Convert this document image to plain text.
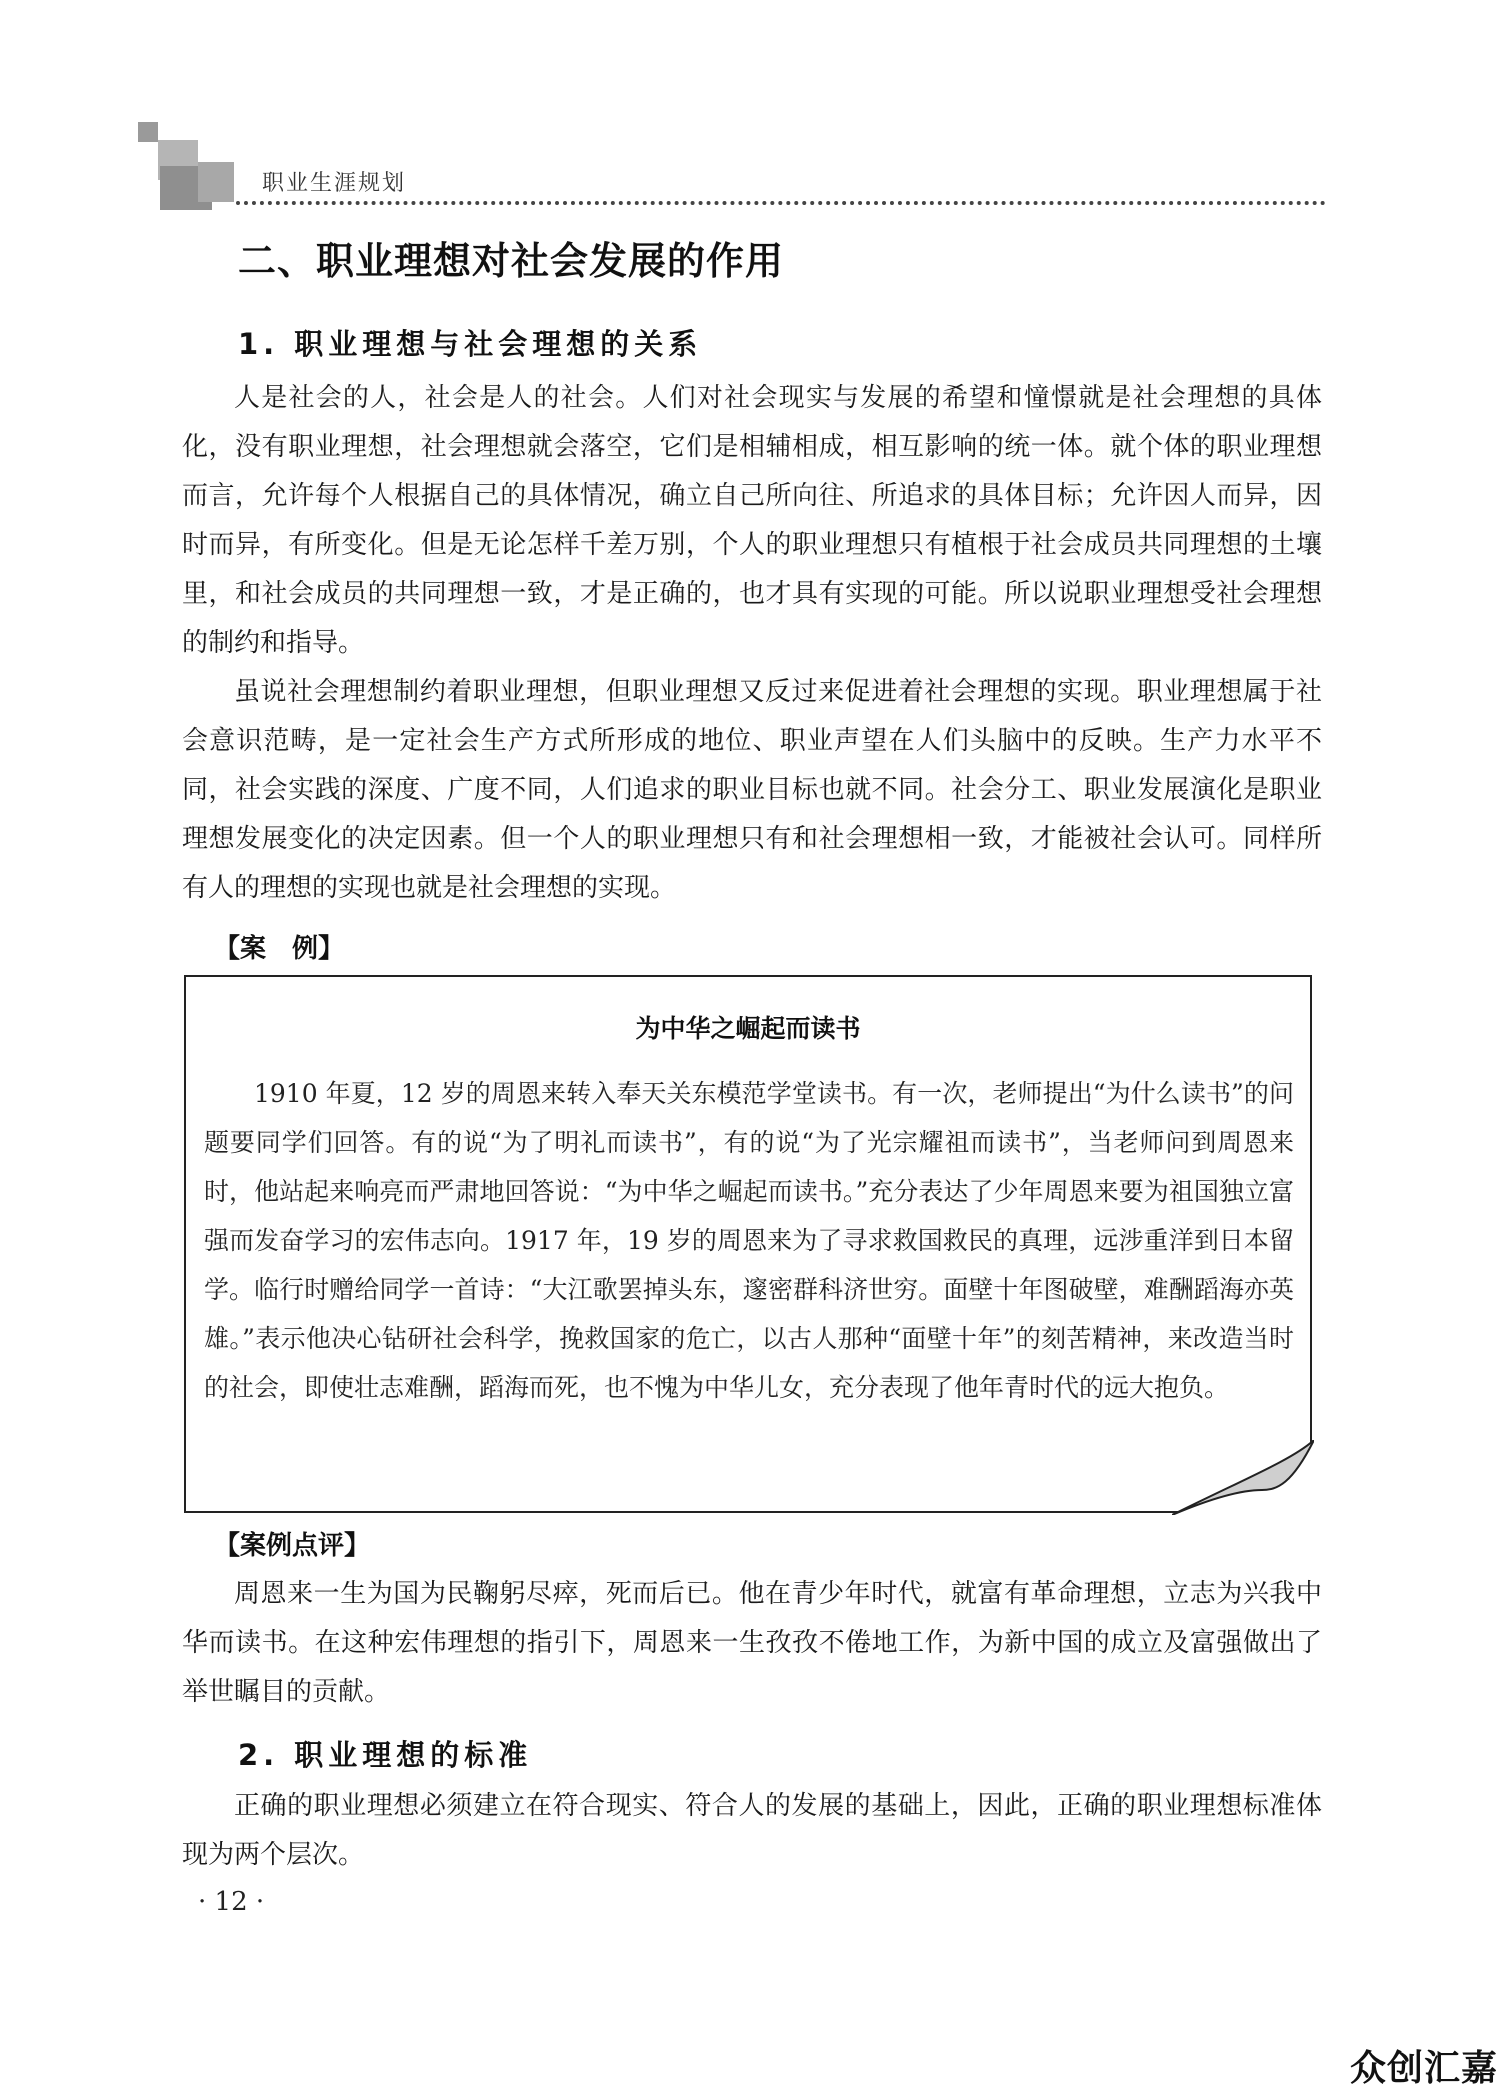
职业生涯规划
二、职业理想对社会发展的作用
1. 职业理想与社会理想的关系

人是社会的人，社会是人的社会。人们对社会现实与发展的希望和憧憬就是社会理想的具体化，没有职业理想，社会理想就会落空，它们是相辅相成，相互影响的统一体。就个体的职业理想而言，允许每个人根据自己的具体情况，确立自己所向往、所追求的具体目标；允许因人而异，因时而异，有所变化。但是无论怎样千差万别，个人的职业理想只有植根于社会成员共同理想的土壤里，和社会成员的共同理想一致，才是正确的，也才具有实现的可能。所以说职业理想受社会理想的制约和指导。

虽说社会理想制约着职业理想，但职业理想又反过来促进着社会理想的实现。职业理想属于社会意识范畴，是一定社会生产方式所形成的地位、职业声望在人们头脑中的反映。生产力水平不同，社会实践的深度、广度不同，人们追求的职业目标也就不同。社会分工、职业发展演化是职业理想发展变化的决定因素。但一个人的职业理想只有和社会理想相一致，才能被社会认可。同样所有人的理想的实现也就是社会理想的实现。

【案　例】
为中华之崛起而读书

1910 年夏，12 岁的周恩来转入奉天关东模范学堂读书。有一次，老师提出“为什么读书”的问题要同学们回答。有的说“为了明礼而读书”，有的说“为了光宗耀祖而读书”，当老师问到周恩来时，他站起来响亮而严肃地回答说：“为中华之崛起而读书。”充分表达了少年周恩来要为祖国独立富强而发奋学习的宏伟志向。1917 年，19 岁的周恩来为了寻求救国救民的真理，远涉重洋到日本留学。临行时赠给同学一首诗：“大江歌罢掉头东，邃密群科济世穷。面壁十年图破壁，难酬蹈海亦英雄。”表示他决心钻研社会科学，挽救国家的危亡，以古人那种“面壁十年”的刻苦精神，来改造当时的社会，即使壮志难酬，蹈海而死，也不愧为中华儿女，充分表现了他年青时代的远大抱负。

【案例点评】

周恩来一生为国为民鞠躬尽瘁，死而后已。他在青少年时代，就富有革命理想，立志为兴我中华而读书。在这种宏伟理想的指引下，周恩来一生孜孜不倦地工作，为新中国的成立及富强做出了举世瞩目的贡献。

2. 职业理想的标准

正确的职业理想必须建立在符合现实、符合人的发展的基础上，因此，正确的职业理想标准体现为两个层次。

· 12 ·
众创汇嘉
